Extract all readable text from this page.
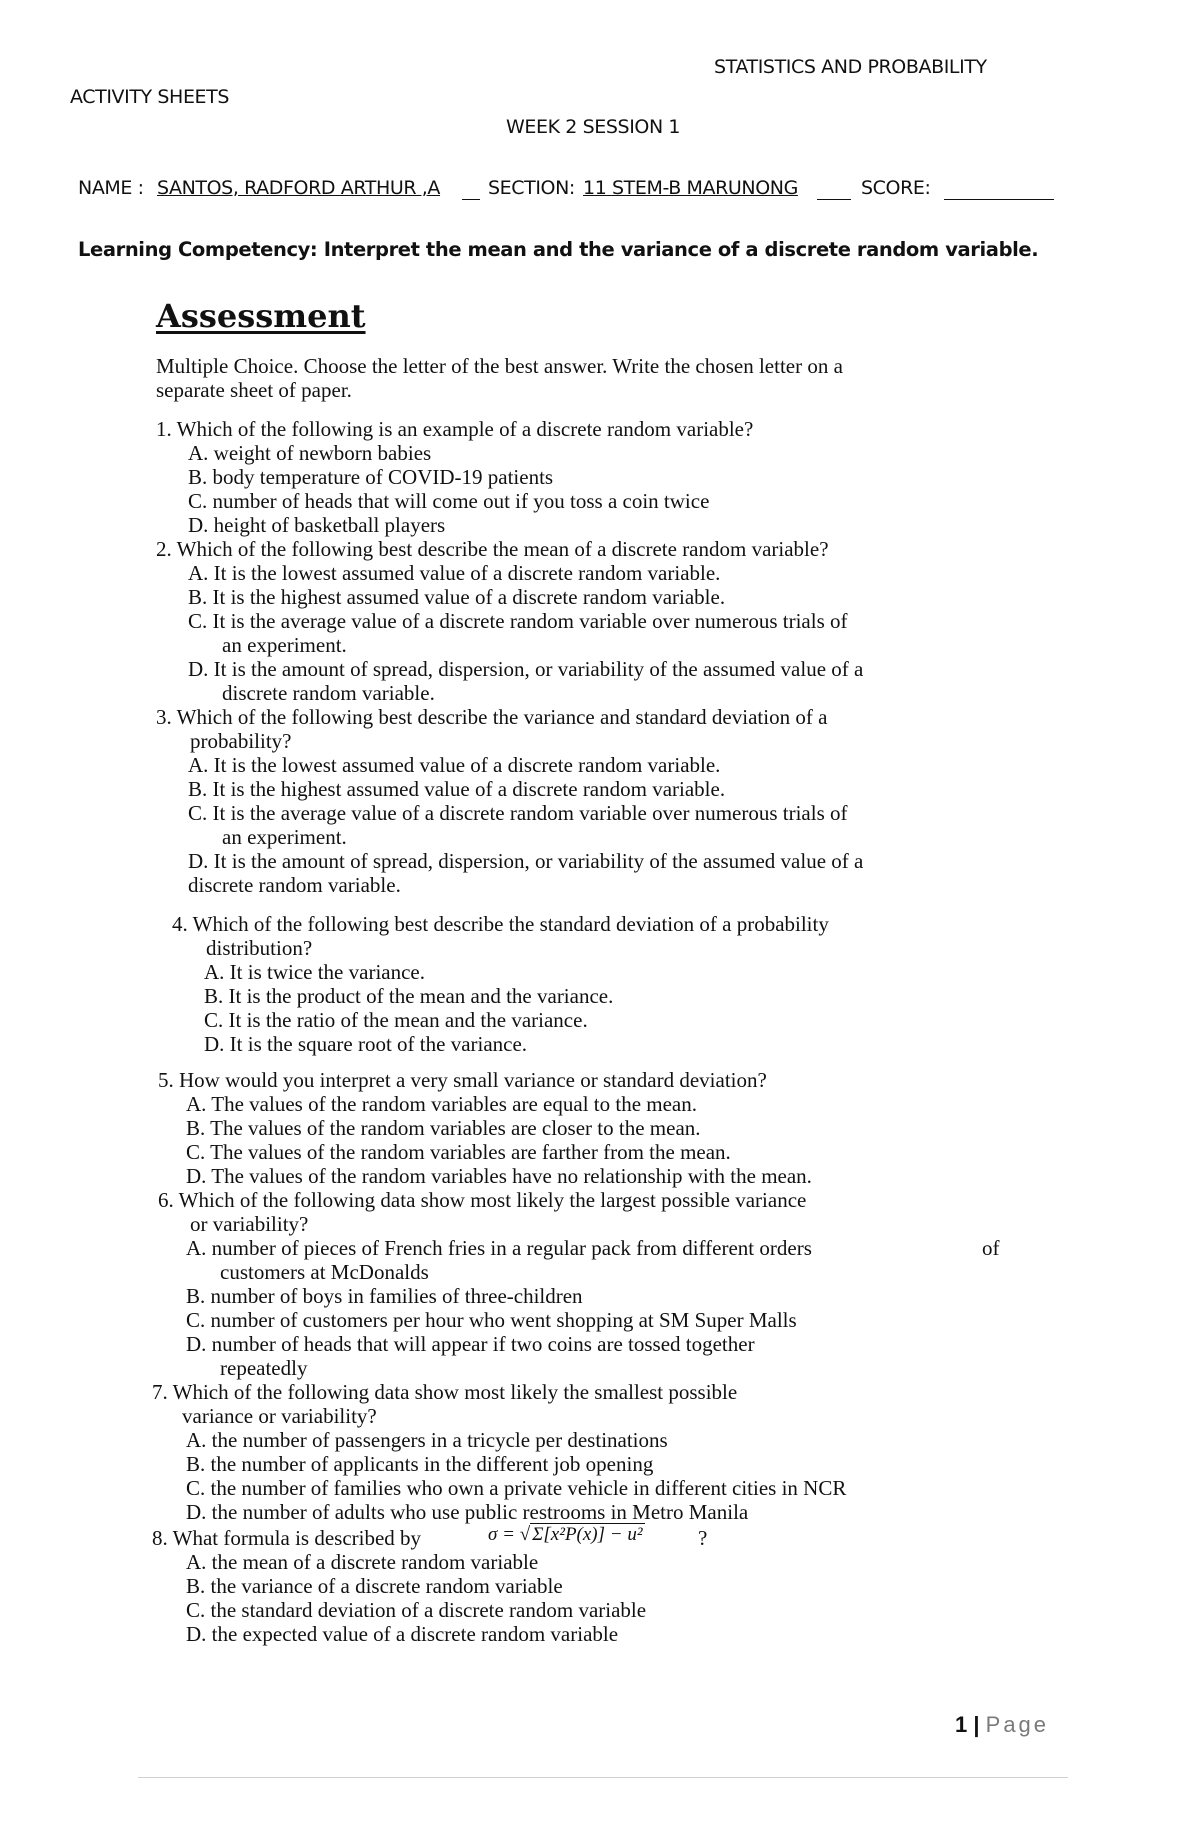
STATISTICS AND PROBABILITY
ACTIVITY SHEETS
WEEK 2 SESSION 1
NAME : SANTOS, RADFORD ARTHUR ,A	SECTION: 11 STEM-B MARUNONG	SCORE:
Learning Competency: Interpret the mean and the variance of a discrete random variable.
Assessment
Multiple Choice. Choose the letter of the best answer. Write the chosen letter on a
separate sheet of paper.
1. Which of the following is an example of a discrete random variable?
A. weight of newborn babies
B. body temperature of COVID-19 patients
C. number of heads that will come out if you toss a coin twice
D. height of basketball players
2. Which of the following best describe the mean of a discrete random variable?
A. It is the lowest assumed value of a discrete random variable.
B. It is the highest assumed value of a discrete random variable.
C. It is the average value of a discrete random variable over numerous trials of
an experiment.
D. It is the amount of spread, dispersion, or variability of the assumed value of a
discrete random variable.
3. Which of the following best describe the variance and standard deviation of a
probability?
A. It is the lowest assumed value of a discrete random variable.
B. It is the highest assumed value of a discrete random variable.
C. It is the average value of a discrete random variable over numerous trials of
an experiment.
D. It is the amount of spread, dispersion, or variability of the assumed value of a
discrete random variable.
4. Which of the following best describe the standard deviation of a probability
distribution?
A. It is twice the variance.
B. It is the product of the mean and the variance.
C. It is the ratio of the mean and the variance.
D. It is the square root of the variance.
5. How would you interpret a very small variance or standard deviation?
A. The values of the random variables are equal to the mean.
B. The values of the random variables are closer to the mean.
C. The values of the random variables are farther from the mean.
D. The values of the random variables have no relationship with the mean.
6. Which of the following data show most likely the largest possible variance
or variability?
A. number of pieces of French fries in a regular pack from different orders	of
customers at McDonalds
B. number of boys in families of three-children
C. number of customers per hour who went shopping at SM Super Malls
D. number of heads that will appear if two coins are tossed together
repeatedly
7. Which of the following data show most likely the smallest possible
variance or variability?
A. the number of passengers in a tricycle per destinations
B. the number of applicants in the different job opening
C. the number of families who own a private vehicle in different cities in NCR
D. the number of adults who use public restrooms in Metro Manila
8. What formula is described by	σ = √ Σ[x²P(x)] − u²	?
A. the mean of a discrete random variable
B. the variance of a discrete random variable
C. the standard deviation of a discrete random variable
D. the expected value of a discrete random variable
1 | Page
